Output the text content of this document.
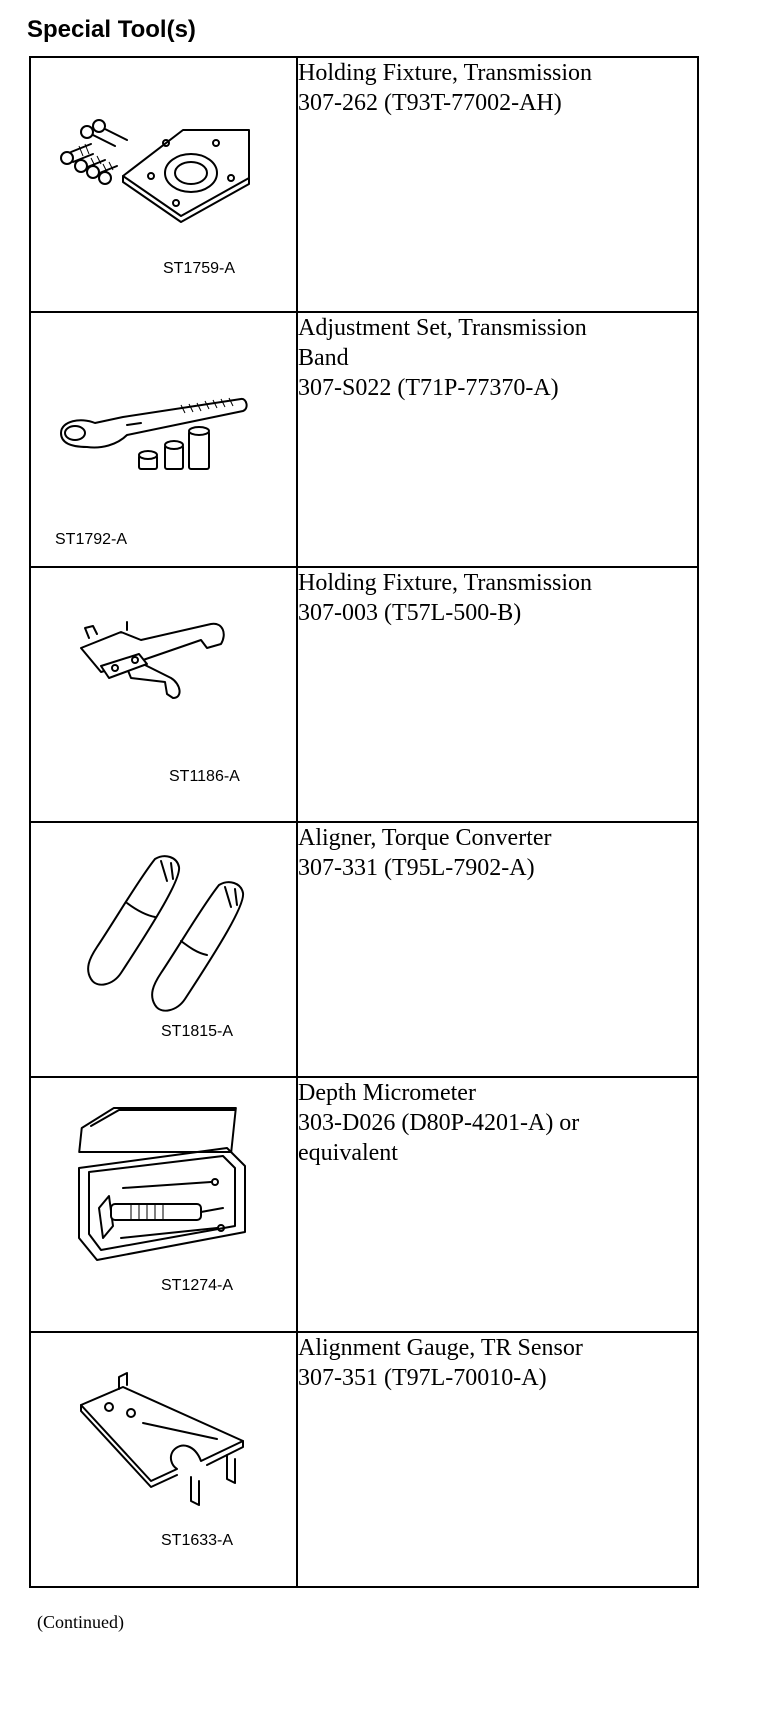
Special Tool(s)
ST1759-A	Holding Fixture, Transmission
307-262 (T93T-77002-AH)

ST1792-A	Adjustment Set, Transmission
Band
307-S022 (T71P-77370-A)

ST1186-A	Holding Fixture, Transmission
307-003 (T57L-500-B)

ST1815-A	Aligner, Torque Converter
307-331 (T95L-7902-A)

ST1274-A	Depth Micrometer
303-D026 (D80P-4201-A) or
equivalent

ST1633-A	Alignment Gauge, TR Sensor
307-351 (T97L-70010-A)
(Continued)
